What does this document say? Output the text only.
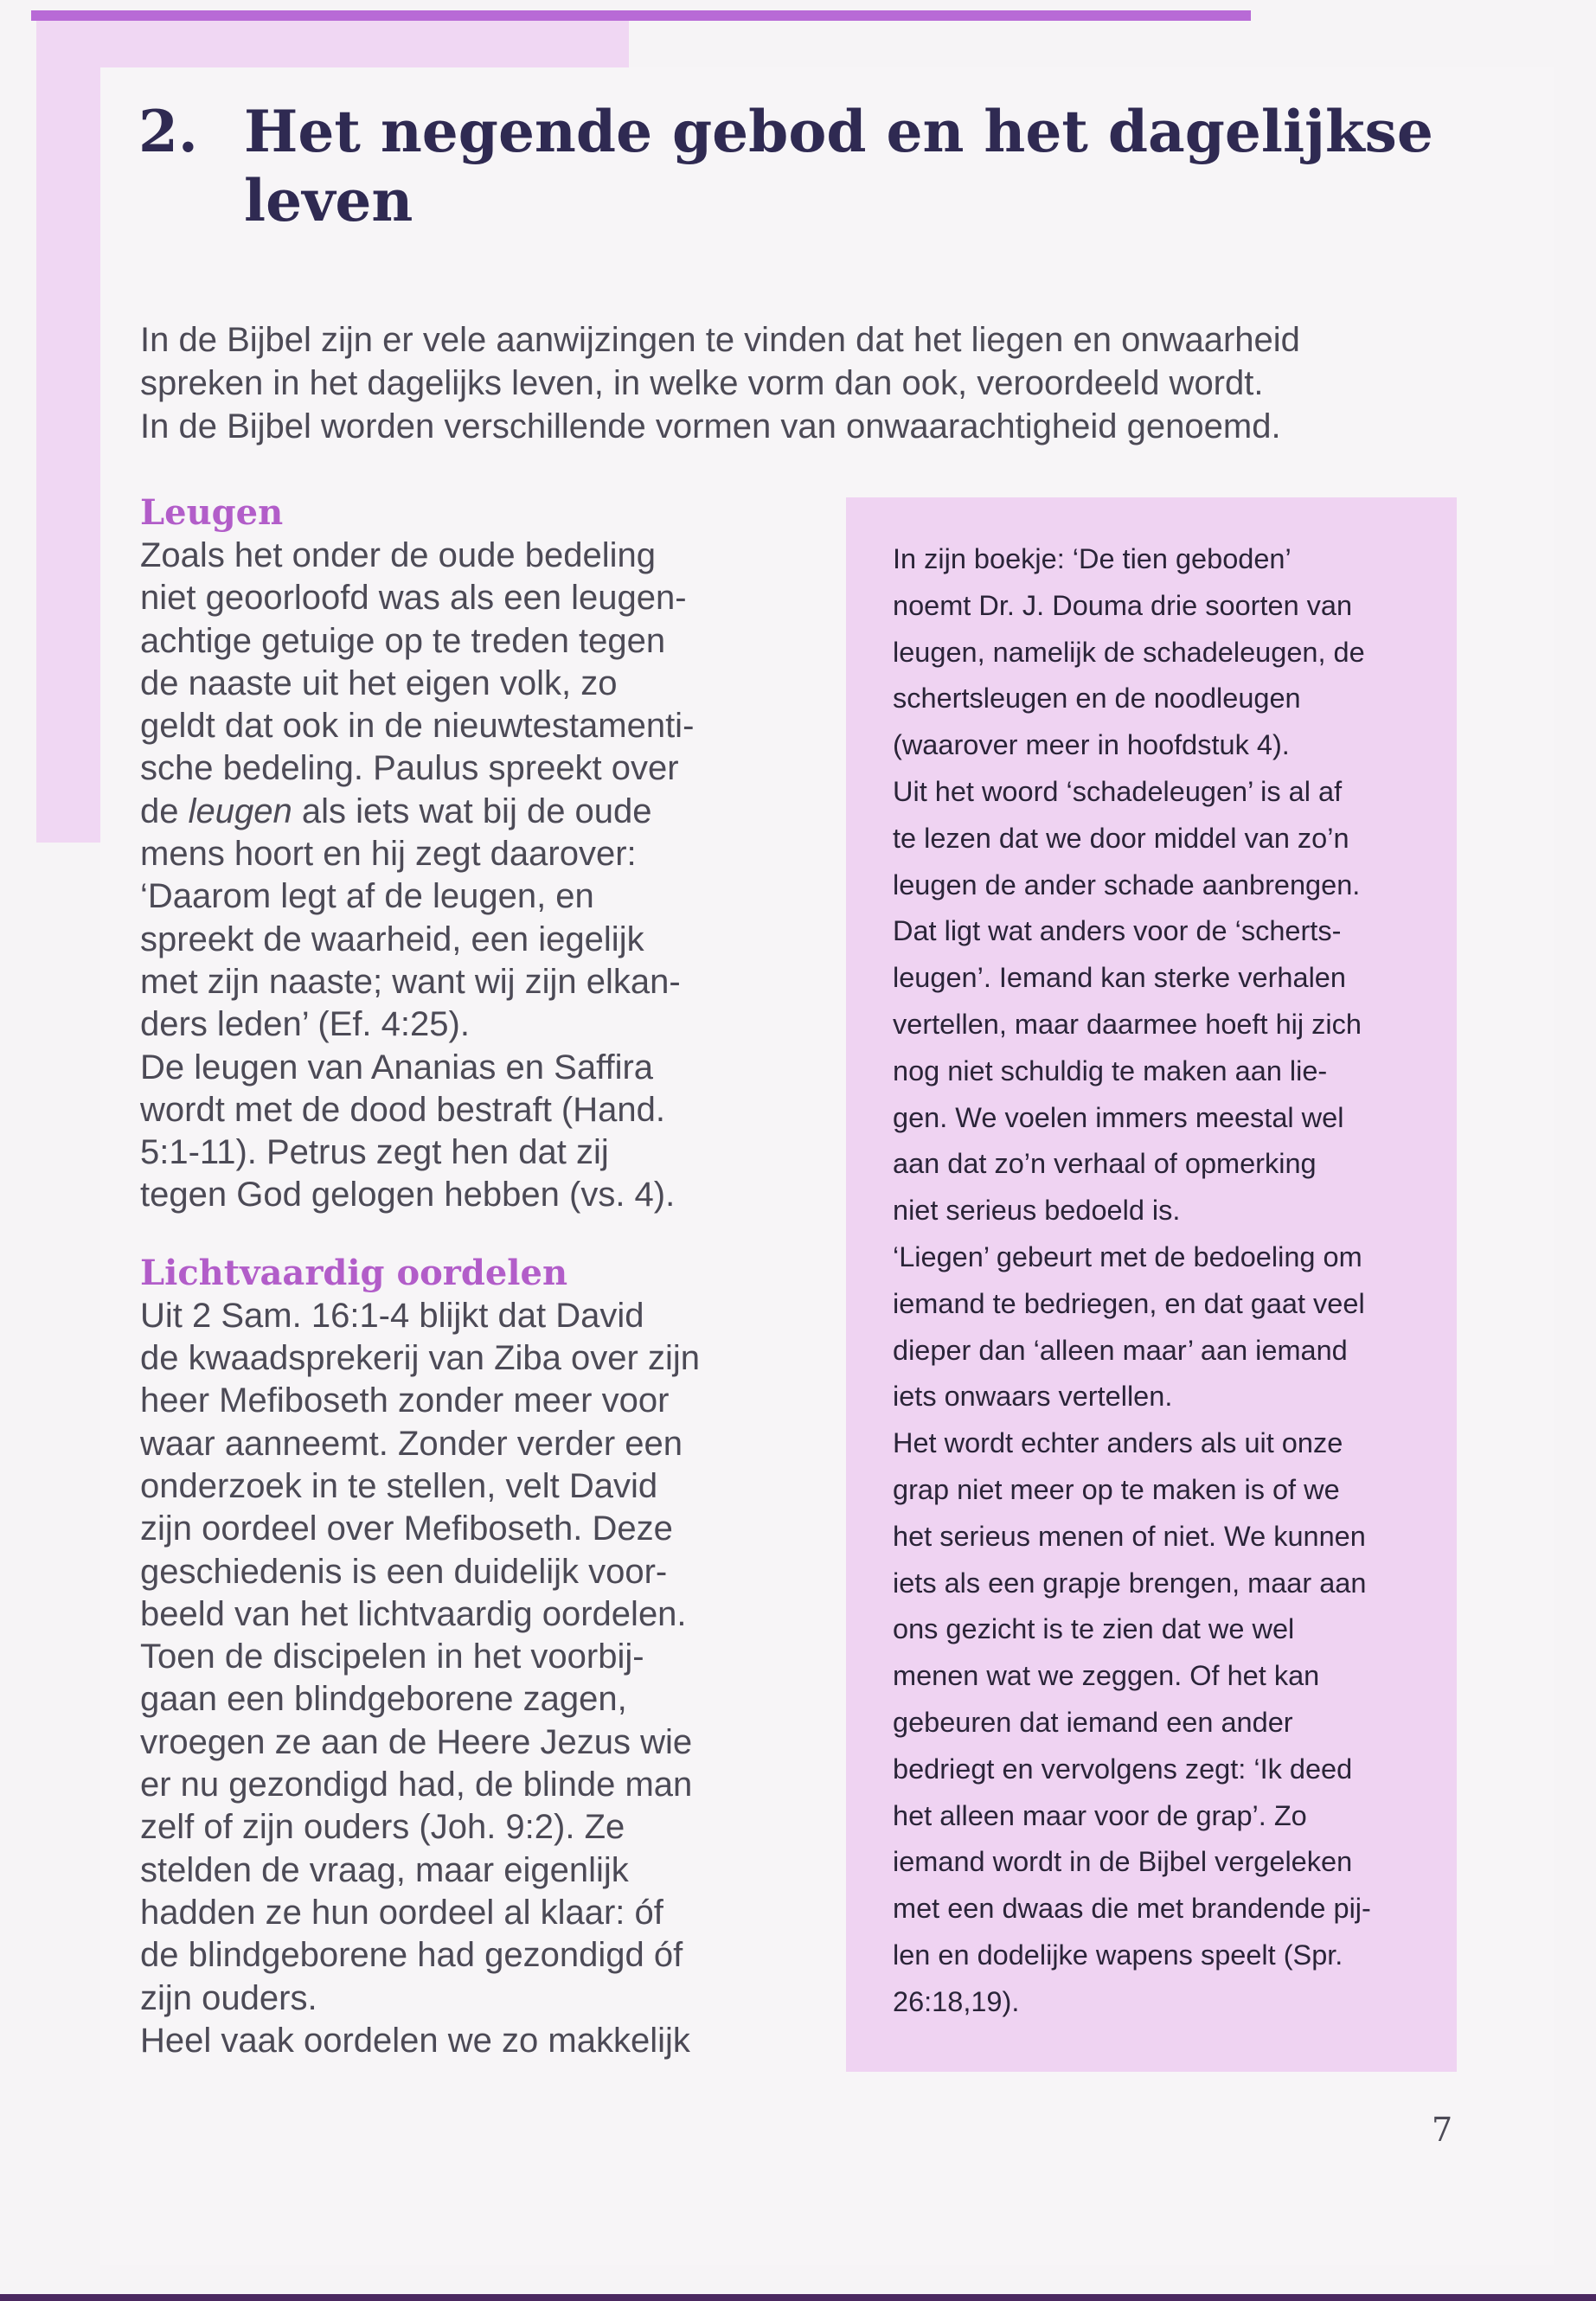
2. Het negende gebod en het dagelijkse
leven

In de Bijbel zijn er vele aanwijzingen te vinden dat het liegen en onwaarheid

spreken in het dagelijks leven, in welke vorm dan ook, veroordeeld wordt.

In de Bijbel worden verschillende vormen van onwaarachtigheid genoemd.

Leugen
Zoals het onder de oude bedeling
niet geoorloofd was als een leugen-
achtige getuige op te treden tegen
de naaste uit het eigen volk, zo
geldt dat ook in de nieuwtestamenti-
sche bedeling. Paulus spreekt over
de leugen als iets wat bij de oude
mens hoort en hij zegt daarover:
‘Daarom legt af de leugen, en
spreekt de waarheid, een iegelijk
met zijn naaste; want wij zijn elkan-
ders leden’ (Ef. 4:25).
De leugen van Ananias en Saffira
wordt met de dood bestraft (Hand.
5:1-11). Petrus zegt hen dat zij
tegen God gelogen hebben (vs. 4).
Lichtvaardig oordelen
Uit 2 Sam. 16:1-4 blijkt dat David
de kwaadsprekerij van Ziba over zijn
heer Mefiboseth zonder meer voor
waar aanneemt. Zonder verder een
onderzoek in te stellen, velt David
zijn oordeel over Mefiboseth. Deze
geschiedenis is een duidelijk voor-
beeld van het lichtvaardig oordelen.
Toen de discipelen in het voorbij-
gaan een blindgeborene zagen,
vroegen ze aan de Heere Jezus wie
er nu gezondigd had, de blinde man
zelf of zijn ouders (Joh. 9:2). Ze
stelden de vraag, maar eigenlijk
hadden ze hun oordeel al klaar: óf
de blindgeborene had gezondigd óf
zijn ouders.
Heel vaak oordelen we zo makkelijk
In zijn boekje: ‘De tien geboden’
noemt Dr. J. Douma drie soorten van
leugen, namelijk de schadeleugen, de
schertsleugen en de noodleugen
(waarover meer in hoofdstuk 4).
Uit het woord ‘schadeleugen’ is al af
te lezen dat we door middel van zo’n
leugen de ander schade aanbrengen.
Dat ligt wat anders voor de ‘scherts-
leugen’. Iemand kan sterke verhalen
vertellen, maar daarmee hoeft hij zich
nog niet schuldig te maken aan lie-
gen. We voelen immers meestal wel
aan dat zo’n verhaal of opmerking
niet serieus bedoeld is.
‘Liegen’ gebeurt met de bedoeling om
iemand te bedriegen, en dat gaat veel
dieper dan ‘alleen maar’ aan iemand
iets onwaars vertellen.
Het wordt echter anders als uit onze
grap niet meer op te maken is of we
het serieus menen of niet. We kunnen
iets als een grapje brengen, maar aan
ons gezicht is te zien dat we wel
menen wat we zeggen. Of het kan
gebeuren dat iemand een ander
bedriegt en vervolgens zegt: ‘Ik deed
het alleen maar voor de grap’. Zo
iemand wordt in de Bijbel vergeleken
met een dwaas die met brandende pij-
len en dodelijke wapens speelt (Spr.
26:18,19).
7
